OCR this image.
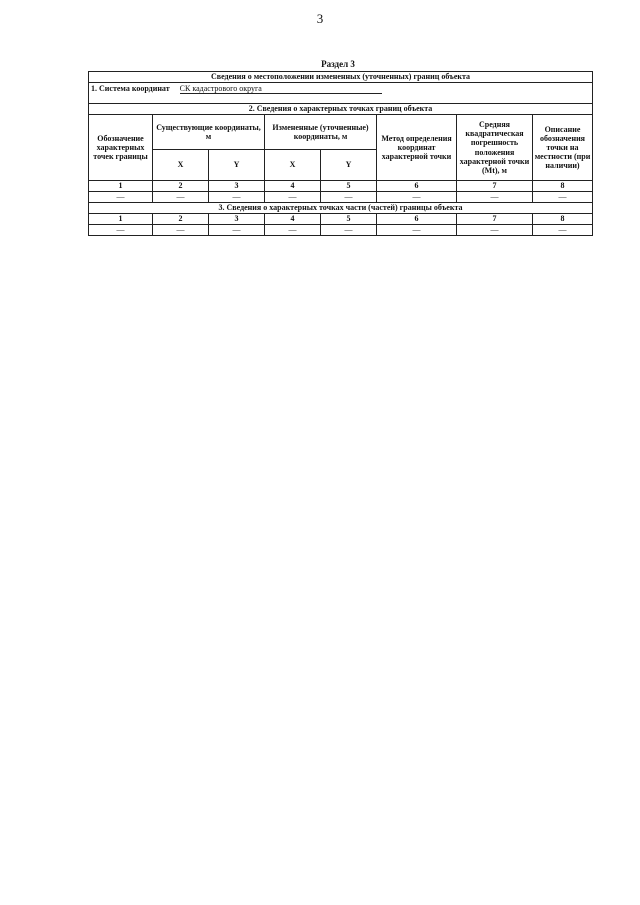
3
Раздел 3
Сведения о местоположении измененных (уточненных) границ объекта							
1. Система координат СК кадастрового округа							
2. Сведения о характерных точках границ объекта							
Обозначение характерных точек границы	Существующие координаты, м		Измененные (уточненные) координаты, м		Метод определения координат характерной точки	Средняя квадратическая погрешность положения характерной точки (Mt), м	Описание обозначения точки на местности (при наличии)
	X	Y	X	Y			
1	2	3	4	5	6	7	8
—	—	—	—	—	—	—	—
3. Сведения о характерных точках части (частей) границы объекта							
1	2	3	4	5	6	7	8
—	—	—	—	—	—	—	—
